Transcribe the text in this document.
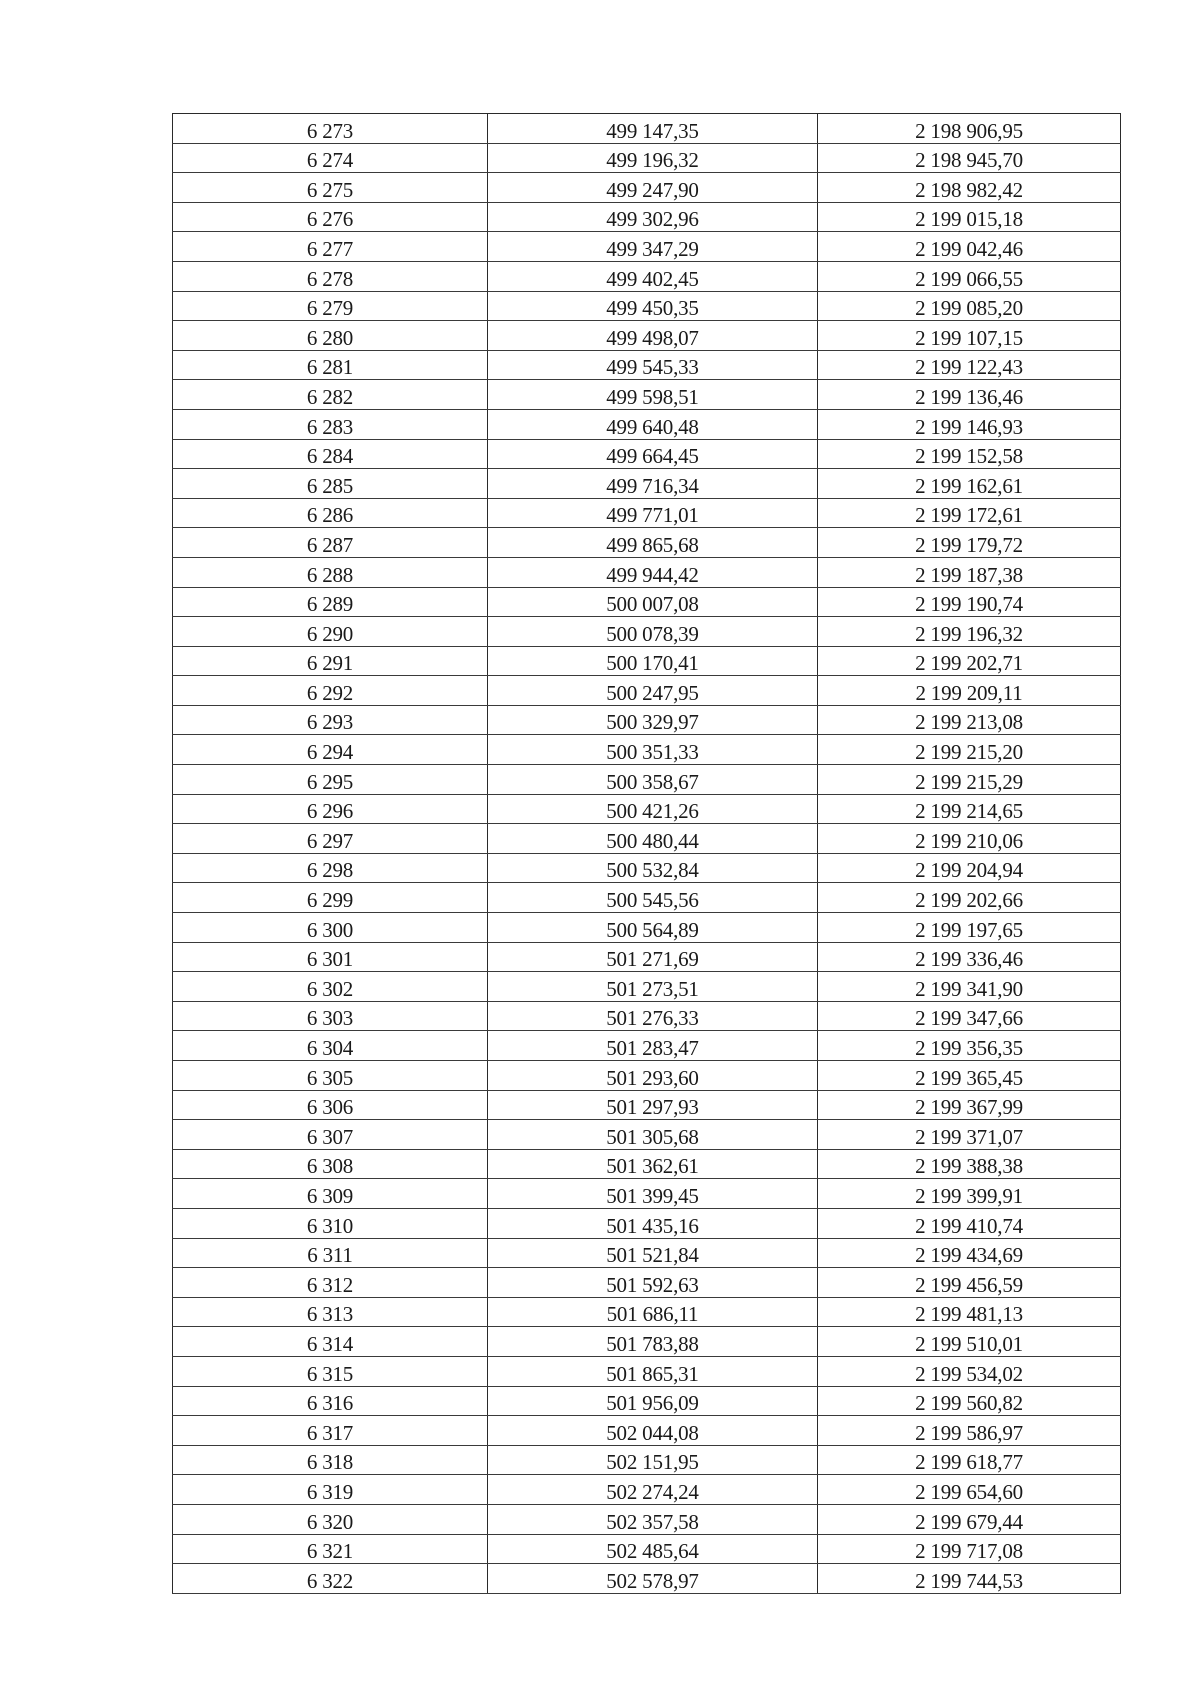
6 273	499 147,35	2 198 906,95
6 274	499 196,32	2 198 945,70
6 275	499 247,90	2 198 982,42
6 276	499 302,96	2 199 015,18
6 277	499 347,29	2 199 042,46
6 278	499 402,45	2 199 066,55
6 279	499 450,35	2 199 085,20
6 280	499 498,07	2 199 107,15
6 281	499 545,33	2 199 122,43
6 282	499 598,51	2 199 136,46
6 283	499 640,48	2 199 146,93
6 284	499 664,45	2 199 152,58
6 285	499 716,34	2 199 162,61
6 286	499 771,01	2 199 172,61
6 287	499 865,68	2 199 179,72
6 288	499 944,42	2 199 187,38
6 289	500 007,08	2 199 190,74
6 290	500 078,39	2 199 196,32
6 291	500 170,41	2 199 202,71
6 292	500 247,95	2 199 209,11
6 293	500 329,97	2 199 213,08
6 294	500 351,33	2 199 215,20
6 295	500 358,67	2 199 215,29
6 296	500 421,26	2 199 214,65
6 297	500 480,44	2 199 210,06
6 298	500 532,84	2 199 204,94
6 299	500 545,56	2 199 202,66
6 300	500 564,89	2 199 197,65
6 301	501 271,69	2 199 336,46
6 302	501 273,51	2 199 341,90
6 303	501 276,33	2 199 347,66
6 304	501 283,47	2 199 356,35
6 305	501 293,60	2 199 365,45
6 306	501 297,93	2 199 367,99
6 307	501 305,68	2 199 371,07
6 308	501 362,61	2 199 388,38
6 309	501 399,45	2 199 399,91
6 310	501 435,16	2 199 410,74
6 311	501 521,84	2 199 434,69
6 312	501 592,63	2 199 456,59
6 313	501 686,11	2 199 481,13
6 314	501 783,88	2 199 510,01
6 315	501 865,31	2 199 534,02
6 316	501 956,09	2 199 560,82
6 317	502 044,08	2 199 586,97
6 318	502 151,95	2 199 618,77
6 319	502 274,24	2 199 654,60
6 320	502 357,58	2 199 679,44
6 321	502 485,64	2 199 717,08
6 322	502 578,97	2 199 744,53
